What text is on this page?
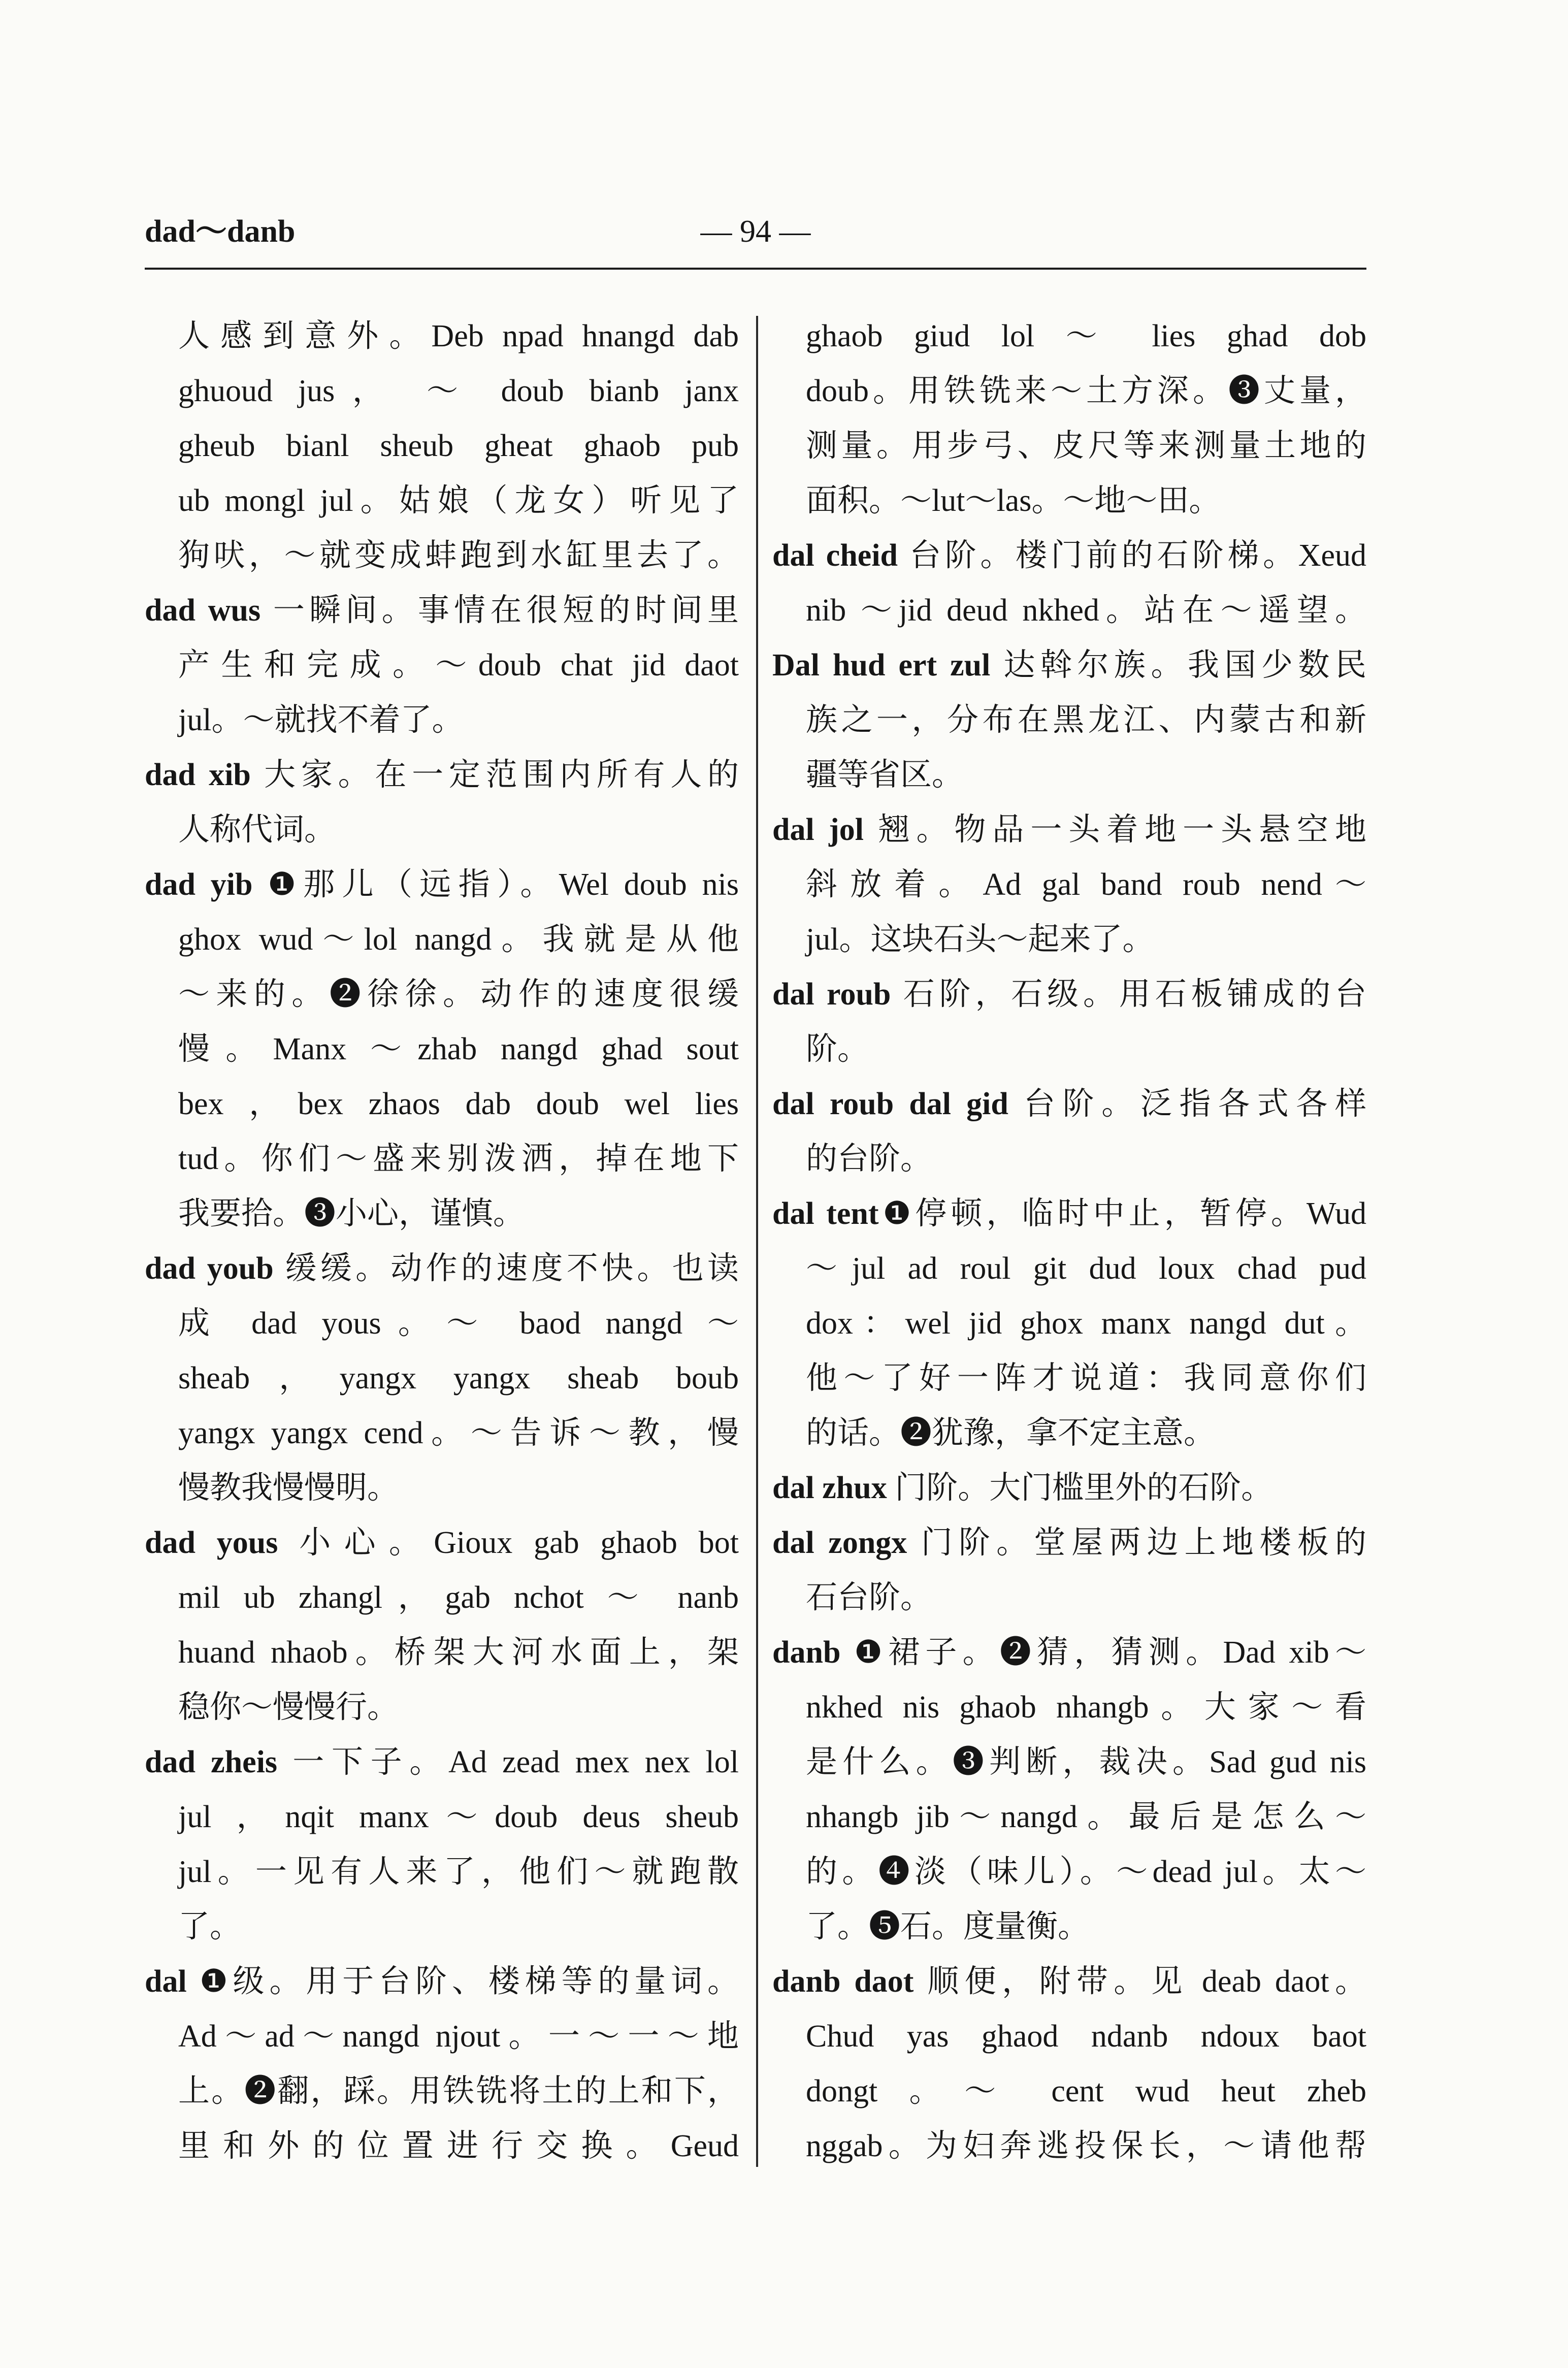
dad～danb	— 94 —
人感到意外。Deb npad hnangd dab
ghuoud jus， ～ doub bianb janx
gheub bianl sheub gheat ghaob pub
ub mongl jul。姑娘（龙女）听见了
狗吠，～就变成蚌跑到水缸里去了。
dad wus 一瞬间。事情在很短的时间里
产生和完成。～doub chat jid daot
jul。～就找不着了。
dad xib 大家。在一定范围内所有人的
人称代词。
dad yib ❶那儿（远指）。Wel doub nis
ghox wud～lol nangd。我就是从他
～来的。❷徐徐。动作的速度很缓
慢。Manx ～zhab nangd ghad sout
bex ，bex zhaos dab doub wel lies
tud。你们～盛来别泼洒，掉在地下
我要拾。❸小心，谨慎。
dad youb 缓缓。动作的速度不快。也读
成 dad yous。～ baod nangd ～
sheab，yangx yangx sheab boub
yangx yangx cend。～告诉～教，慢
慢教我慢慢明。
dad yous 小心。Gioux gab ghaob bot
mil ub zhangl，gab nchot ～ nanb
huand nhaob。桥架大河水面上，架
稳你～慢慢行。
dad zheis 一下子。Ad zead mex nex lol
jul ，nqit manx～doub deus sheub
jul。一见有人来了，他们～就跑散
了。
dal ❶级。用于台阶、楼梯等的量词。
Ad～ad～nangd njout。一～一～地
上。❷翻，踩。用铁铣将土的上和下，
里和外的位置进行交换。Geud
ghaob giud lol ～ lies ghad dob
doub。用铁铣来～土方深。❸丈量，
测量。用步弓、皮尺等来测量土地的
面积。～lut～las。～地～田。
dal cheid 台阶。楼门前的石阶梯。Xeud
nib ～jid deud nkhed。站在～遥望。
Dal hud ert zul 达斡尔族。我国少数民
族之一，分布在黑龙江、内蒙古和新
疆等省区。
dal jol 翘。物品一头着地一头悬空地
斜放着。Ad gal band roub nend～
jul。这块石头～起来了。
dal roub 石阶，石级。用石板铺成的台
阶。
dal roub dal gid 台阶。泛指各式各样
的台阶。
dal tent❶停顿，临时中止，暂停。Wud
～jul ad roul git dud loux chad pud
dox：wel jid ghox manx nangd dut。
他～了好一阵才说道：我同意你们
的话。❷犹豫，拿不定主意。
dal zhux 门阶。大门槛里外的石阶。
dal zongx 门阶。堂屋两边上地楼板的
石台阶。
danb ❶裙子。❷猜，猜测。Dad xib～
nkhed nis ghaob nhangb。大家～看
是什么。❸判断，裁决。Sad gud nis
nhangb jib～nangd。最后是怎么～
的。❹淡（味儿）。～dead jul。太～
了。❺石。度量衡。
danb daot 顺便，附带。见 deab daot。
Chud yas ghaod ndanb ndoux baot
dongt 。～ cent wud heut zheb
nggab。为妇奔逃投保长，～请他帮
